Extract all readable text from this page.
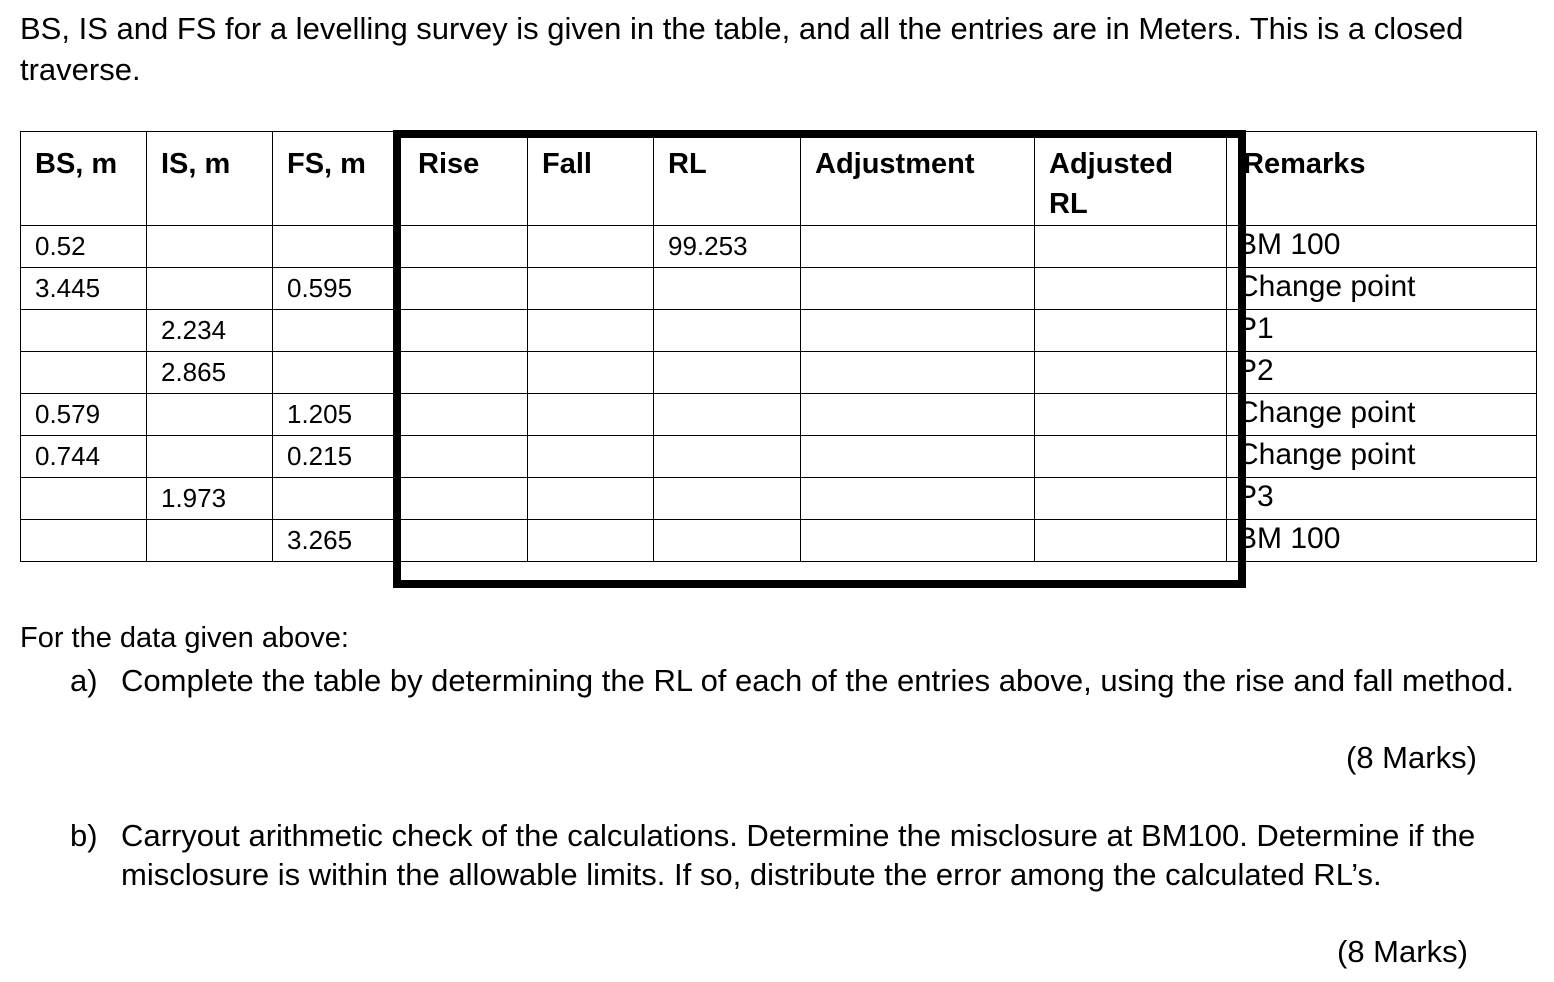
BS, IS and FS for a levelling survey is given in the table, and all the entries are in Meters. This is a closed traverse.

BS, m	IS, m	FS, m	Rise	Fall	RL	Adjustment	Adjusted RL	Remarks
0.52					99.253			BM 100
3.445		0.595						Change point
	2.234							P1
	2.865							P2
0.579		1.205						Change point
0.744		0.215						Change point
	1.973							P3
		3.265						BM 100

For the data given above:

a) Complete the table by determining the RL of each of the entries above, using the rise and fall method.
(8 Marks)
b) Carryout arithmetic check of the calculations. Determine the misclosure at BM100. Determine if the misclosure is within the allowable limits. If so, distribute the error among the calculated RL’s.
(8 Marks)
